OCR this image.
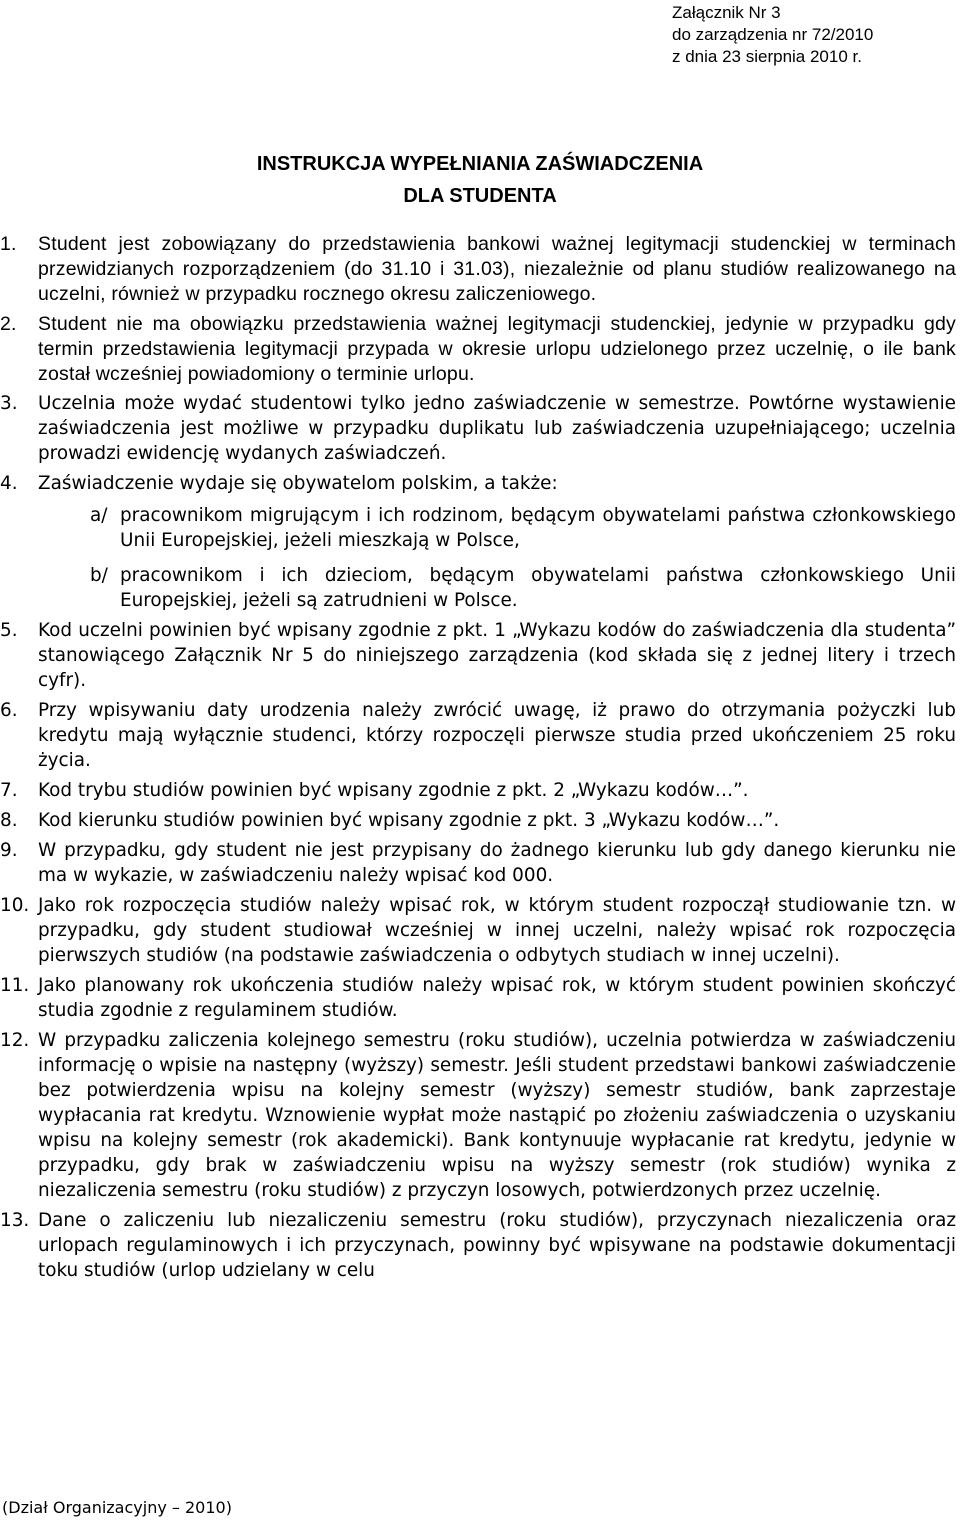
Załącznik Nr 3
do zarządzenia nr 72/2010
z dnia 23 sierpnia 2010 r.
INSTRUKCJA WYPEŁNIANIA ZAŚWIADCZENIA
DLA STUDENTA
1. Student jest zobowiązany do przedstawienia bankowi ważnej legitymacji studenckiej w terminach przewidzianych rozporządzeniem (do 31.10 i 31.03), niezależnie od planu studiów realizowanego na uczelni, również w przypadku rocznego okresu zaliczeniowego.
2. Student nie ma obowiązku przedstawienia ważnej legitymacji studenckiej, jedynie w przypadku gdy termin przedstawienia legitymacji przypada w okresie urlopu udzielonego przez uczelnię, o ile bank został wcześniej powiadomiony o terminie urlopu.
3. Uczelnia może wydać studentowi tylko jedno zaświadczenie w semestrze. Powtórne wystawienie zaświadczenia jest możliwe w przypadku duplikatu lub zaświadczenia uzupełniającego; uczelnia prowadzi ewidencję wydanych zaświadczeń.
4. Zaświadczenie wydaje się obywatelom polskim, a także:
a/ pracownikom migrującym i ich rodzinom, będącym obywatelami państwa członkowskiego Unii Europejskiej, jeżeli mieszkają w Polsce,
b/ pracownikom i ich dzieciom, będącym obywatelami państwa członkowskiego Unii Europejskiej, jeżeli są zatrudnieni w Polsce.
5. Kod uczelni powinien być wpisany zgodnie z pkt. 1 „Wykazu kodów do zaświadczenia dla studenta” stanowiącego Załącznik Nr 5 do niniejszego zarządzenia (kod składa się z jednej litery i trzech cyfr).
6. Przy wpisywaniu daty urodzenia należy zwrócić uwagę, iż prawo do otrzymania pożyczki lub kredytu mają wyłącznie studenci, którzy rozpoczęli pierwsze studia przed ukończeniem 25 roku życia.
7. Kod trybu studiów powinien być wpisany zgodnie z pkt. 2 „Wykazu kodów…”.
8. Kod kierunku studiów powinien być wpisany zgodnie z pkt. 3 „Wykazu kodów…”.
9. W przypadku, gdy student nie jest przypisany do żadnego kierunku lub gdy danego kierunku nie ma w wykazie, w zaświadczeniu należy wpisać kod 000.
10. Jako rok rozpoczęcia studiów należy wpisać rok, w którym student rozpoczął studiowanie tzn. w przypadku, gdy student studiował wcześniej w innej uczelni, należy wpisać rok rozpoczęcia pierwszych studiów (na podstawie zaświadczenia o odbytych studiach w innej uczelni).
11. Jako planowany rok ukończenia studiów należy wpisać rok, w którym student powinien skończyć studia zgodnie z regulaminem studiów.
12. W przypadku zaliczenia kolejnego semestru (roku studiów), uczelnia potwierdza w zaświadczeniu informację o wpisie na następny (wyższy) semestr. Jeśli student przedstawi bankowi zaświadczenie bez potwierdzenia wpisu na kolejny semestr (wyższy) semestr studiów, bank zaprzestaje wypłacania rat kredytu. Wznowienie wypłat może nastąpić po złożeniu zaświadczenia o uzyskaniu wpisu na kolejny semestr (rok akademicki). Bank kontynuuje wypłacanie rat kredytu, jedynie w przypadku, gdy brak w zaświadczeniu wpisu na wyższy semestr (rok studiów) wynika z niezaliczenia semestru (roku studiów) z przyczyn losowych, potwierdzonych przez uczelnię.
13. Dane o zaliczeniu lub niezaliczeniu semestru (roku studiów), przyczynach niezaliczenia oraz urlopach regulaminowych i ich przyczynach, powinny być wpisywane na podstawie dokumentacji toku studiów (urlop udzielany w celu
(Dział Organizacyjny – 2010)
